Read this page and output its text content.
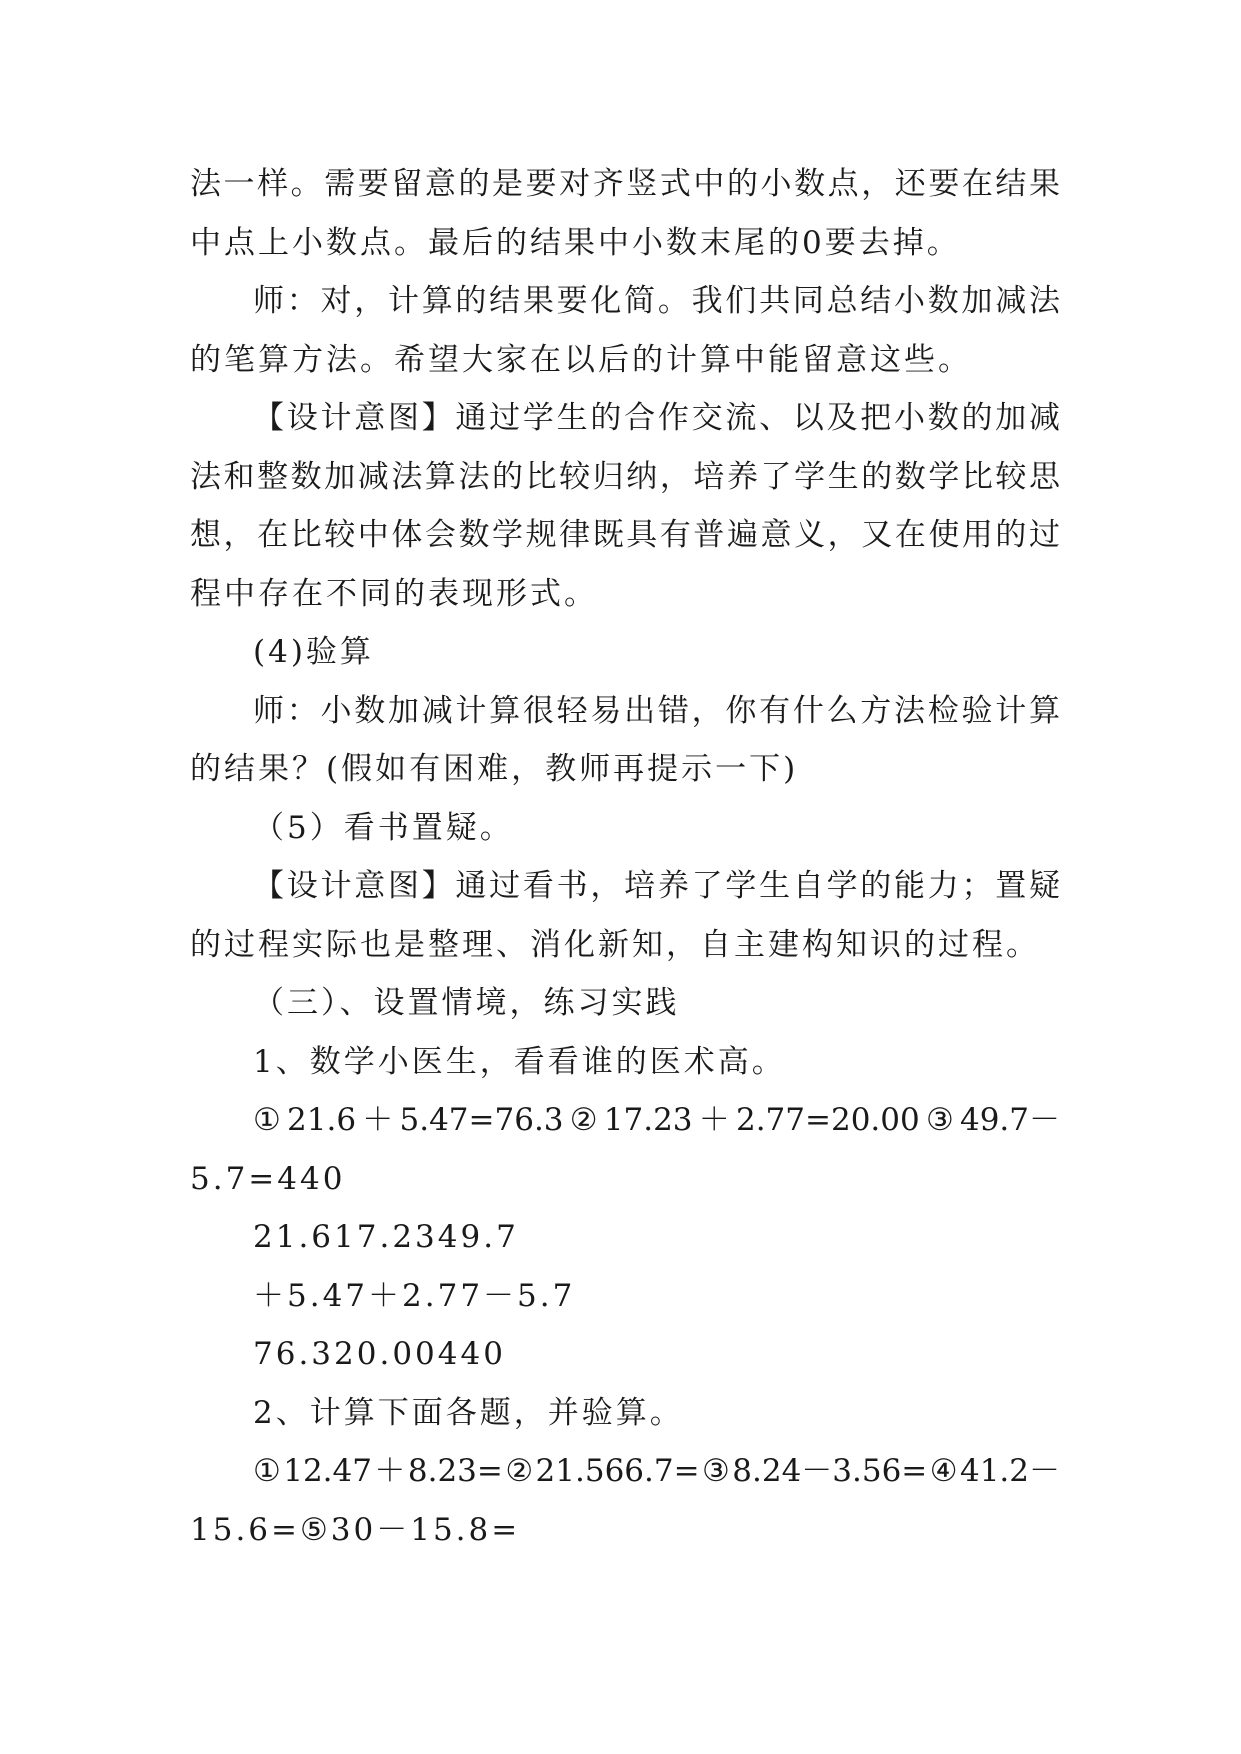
法一样。需要留意的是要对齐竖式中的小数点，还要在结果
中点上小数点。最后的结果中小数末尾的0要去掉。
师：对，计算的结果要化简。我们共同总结小数加减法
的笔算方法。希望大家在以后的计算中能留意这些。
【设计意图】通过学生的合作交流、以及把小数的加减
法和整数加减法算法的比较归纳，培养了学生的数学比较思
想，在比较中体会数学规律既具有普遍意义，又在使用的过
程中存在不同的表现形式。
(4)验算
师：小数加减计算很轻易出错，你有什么方法检验计算
的结果？(假如有困难，教师再提示一下)
（5）看书置疑。
【设计意图】通过看书，培养了学生自学的能力；置疑
的过程实际也是整理、消化新知，自主建构知识的过程。
（三）、设置情境，练习实践
1、数学小医生，看看谁的医术高。
①21.6＋5.47=76.3②17.23＋2.77=20.00③49.7－
5.7=440
21.617.2349.7
＋5.47＋2.77－5.7
76.320.00440
2、计算下面各题，并验算。
①12.47＋8.23=②21.566.7=③8.24－3.56=④41.2－
15.6=⑤30－15.8=
